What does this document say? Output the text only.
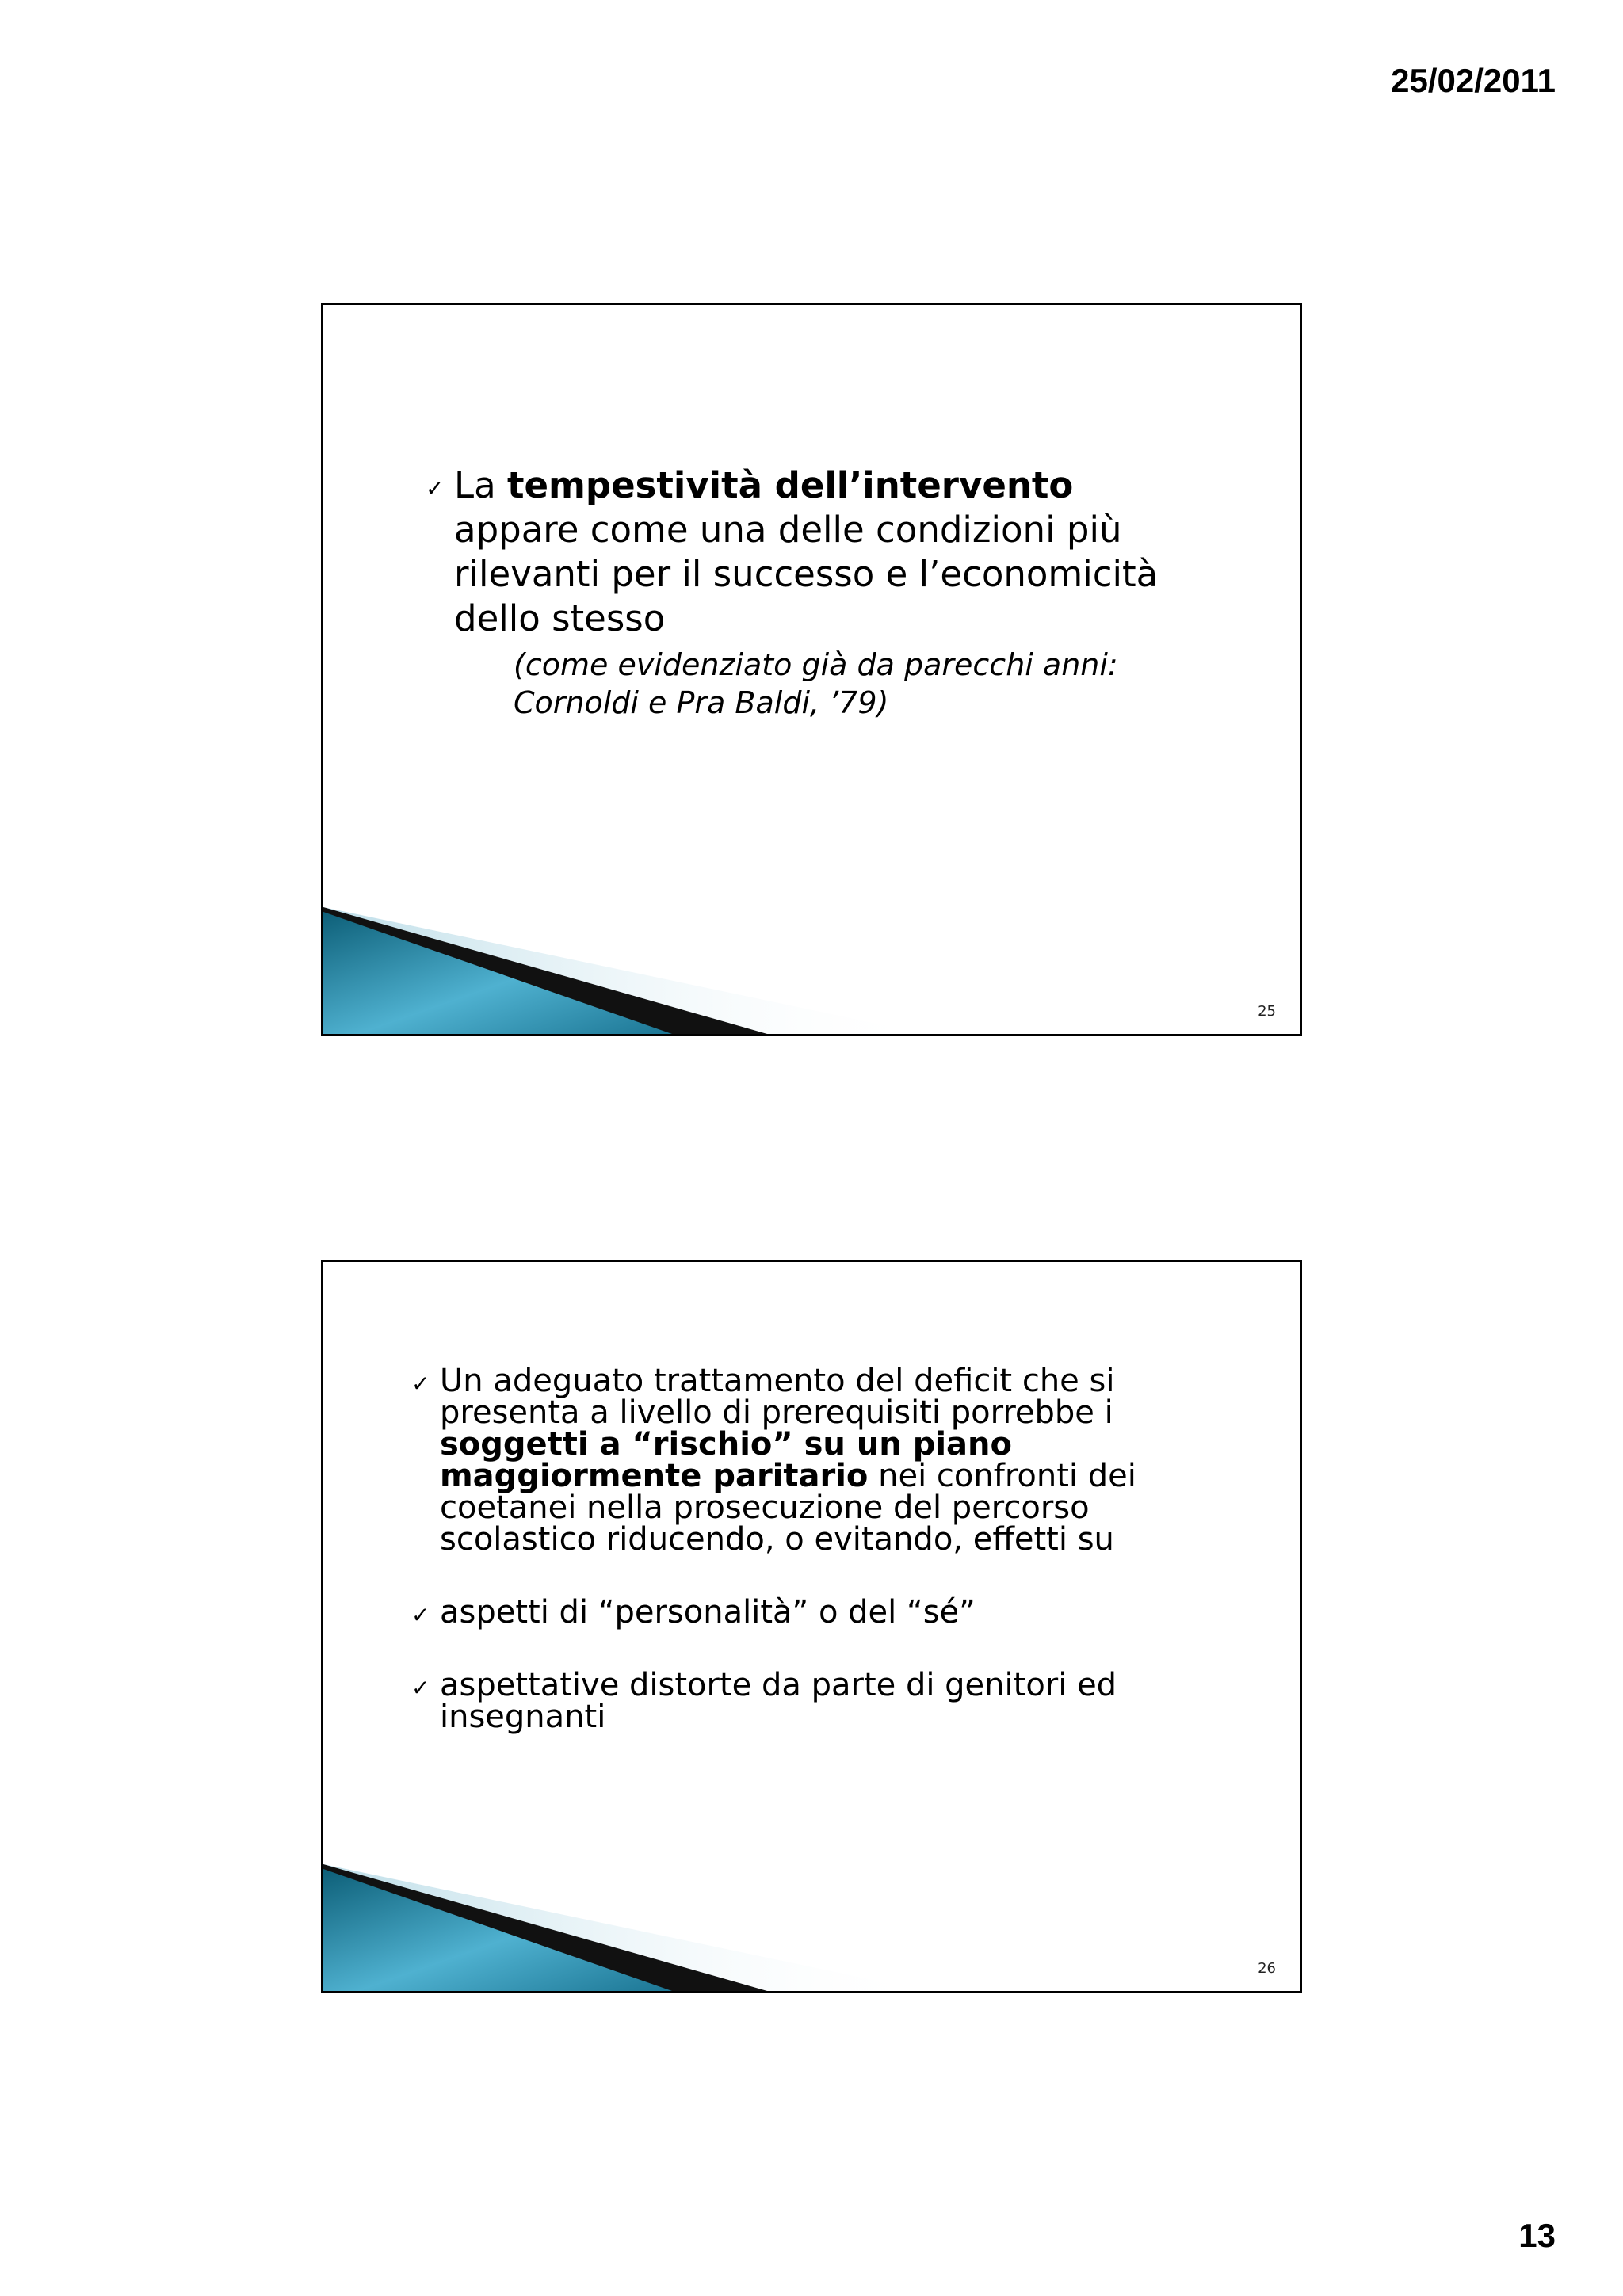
25/02/2011
✓ La tempestività dell’intervento appare come una delle condizioni più rilevanti per il successo e l’economicità dello stesso
(come evidenziato già da parecchi anni: Cornoldi e Pra Baldi, ’79)
25
✓ Un adeguato trattamento del deficit che si presenta a livello di prerequisiti porrebbe i soggetti a “rischio” su un piano maggiormente paritario nei confronti dei coetanei nella prosecuzione del percorso scolastico riducendo, o evitando, effetti su
✓ aspetti di “personalità” o del “sé”
✓ aspettative distorte da parte di genitori ed insegnanti
26
13
